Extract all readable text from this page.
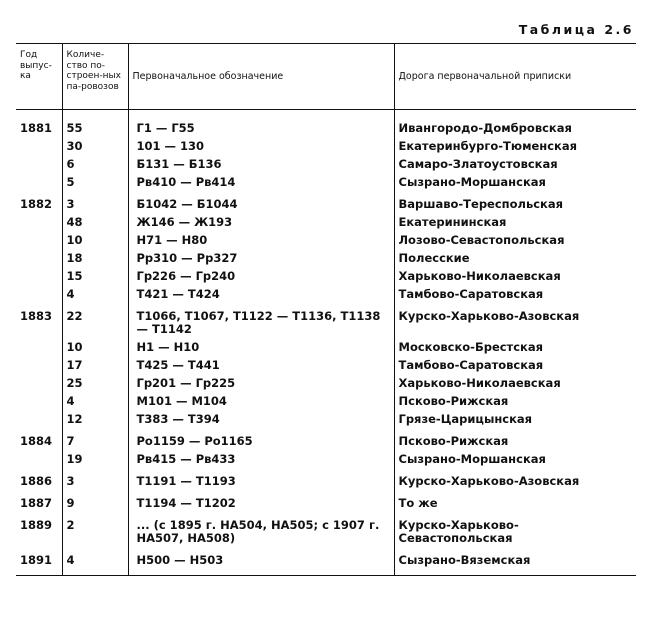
Таблица 2.6
Год выпус-ка	Количе-ство по-строен-ных па-ровозов	Первоначальное обозначение	Дорога первоначальной приписки
1881	55	Г1 — Г55	Ивангородо-Домбровская
	30	101 — 130	Екатеринбурго-Тюменская
	6	Б131 — Б136	Самаро-Златоустовская
	5	Pв410 — Pв414	Сызрано-Моршанская
1882	3	Б1042 — Б1044	Варшаво-Тереспольская
	48	Ж146 — Ж193	Екатерининская
	10	Н71 — Н80	Лозово-Севастопольская
	18	Pр310 — Pр327	Полесские
	15	Гр226 — Гр240	Харьково-Николаевская
	4	Т421 — Т424	Тамбово-Саратовская
1883	22	Т1066, Т1067, Т1122 — Т1136, Т1138 — Т1142	Курско-Харьково-Азовская
	10	Н1 — Н10	Московско-Брестская
	17	Т425 — Т441	Тамбово-Саратовская
	25	Гр201 — Гр225	Харьково-Николаевская
	4	М101 — М104	Псково-Рижская
	12	Т383 — Т394	Грязе-Царицынская
1884	7	Pо1159 — Pо1165	Псково-Рижская
	19	Pв415 — Pв433	Сызрано-Моршанская
1886	3	Т1191 — Т1193	Курско-Харьково-Азовская
1887	9	Т1194 — Т1202	То же
1889	2	... (с 1895 г. НА504, НА505; с 1907 г. НА507, НА508)	Курско-Харьково-Севастопольская
1891	4	Н500 — Н503	Сызрано-Вяземская
